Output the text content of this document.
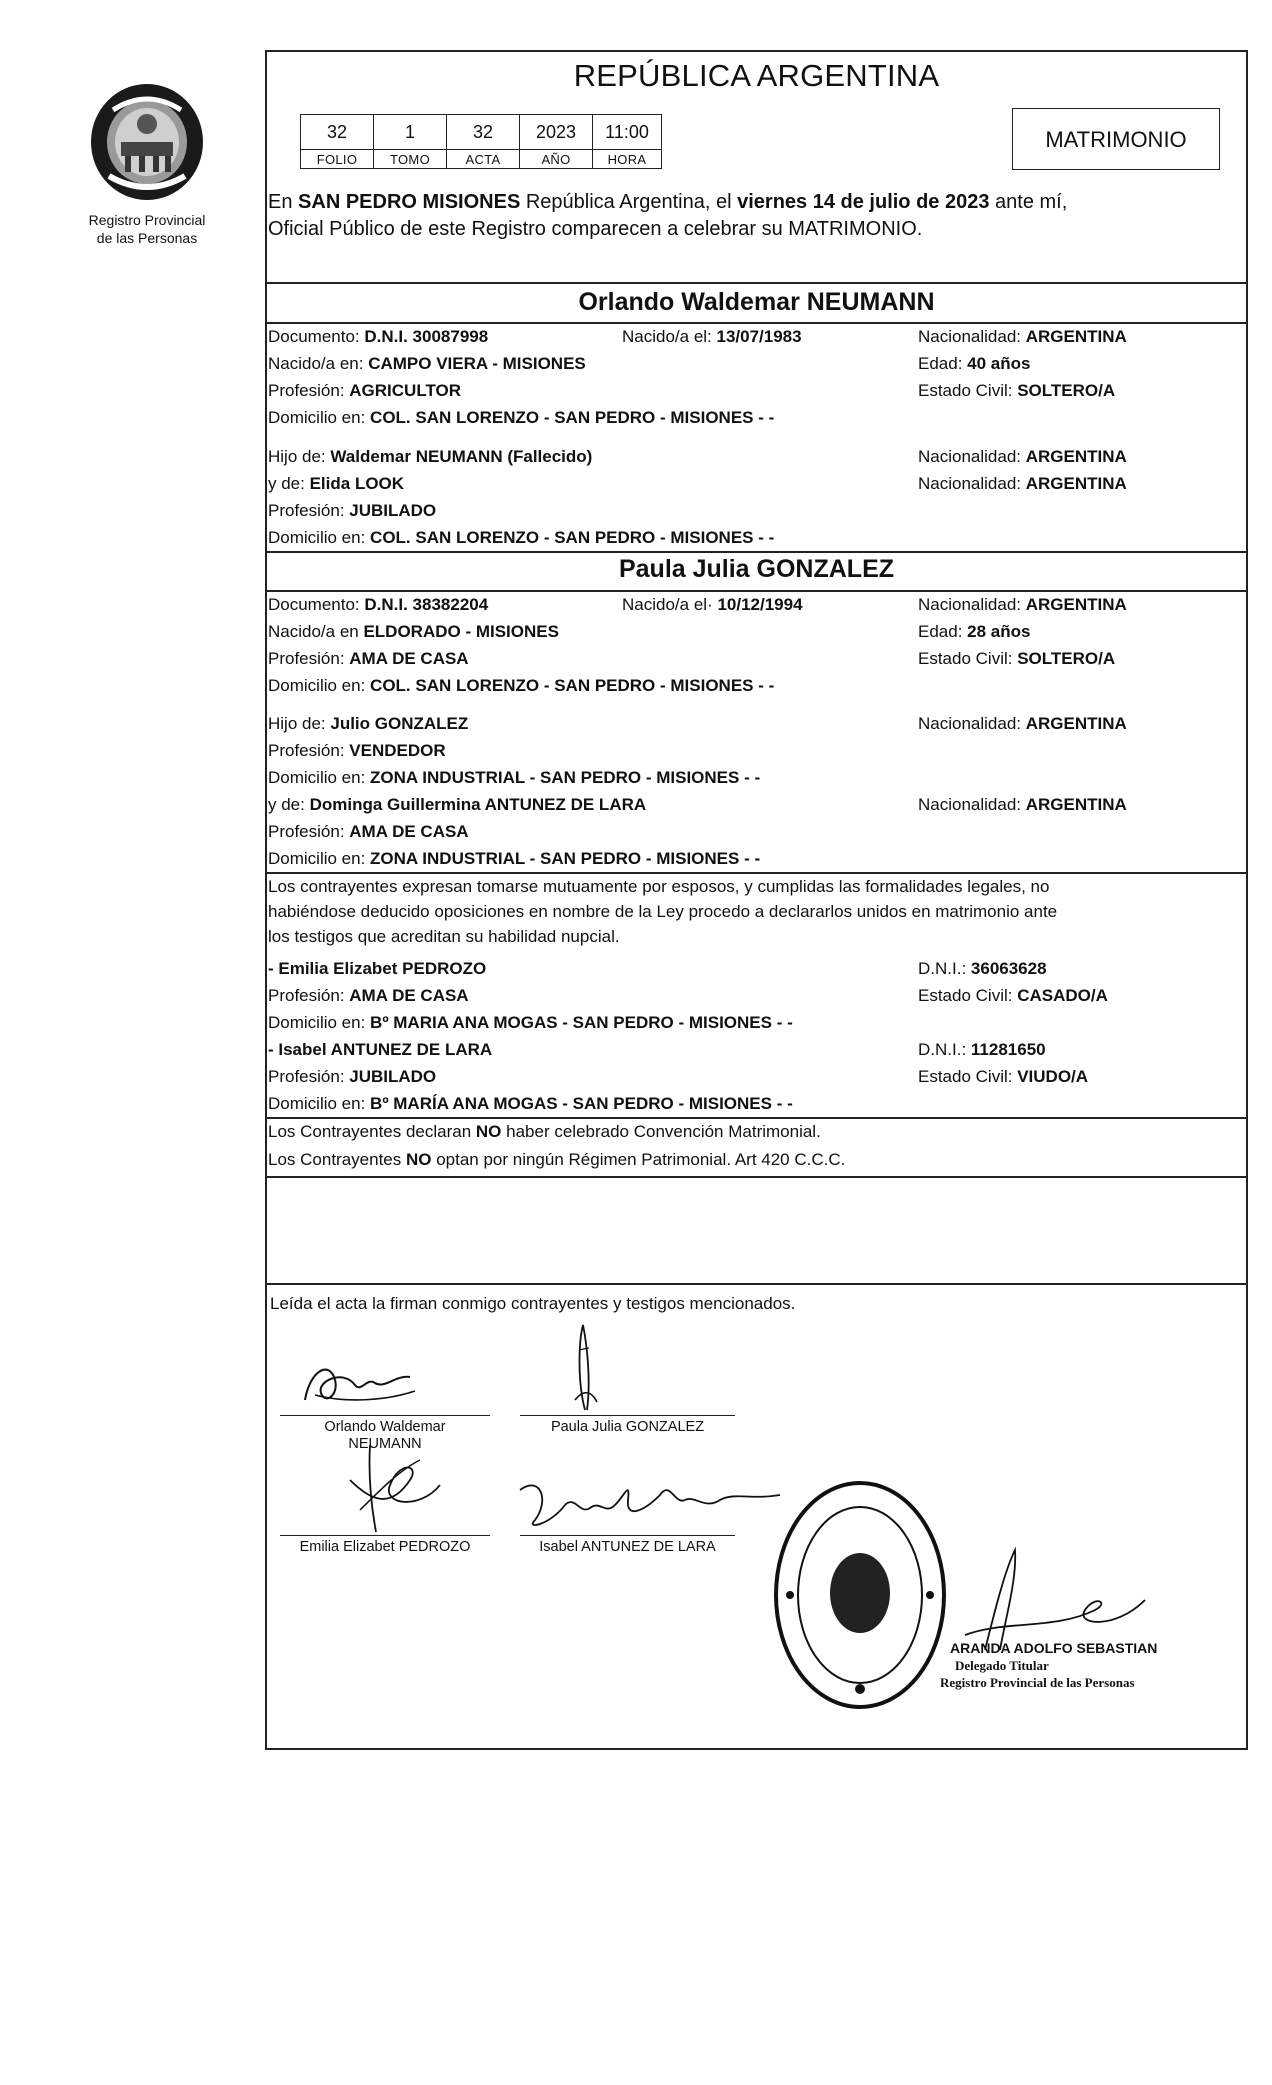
Registro Provincial
de las Personas
REPÚBLICA ARGENTINA
32	1	32	2023	11:00
FOLIO	TOMO	ACTA	AÑO	HORA
MATRIMONIO
En SAN PEDRO MISIONES República Argentina, el viernes 14 de julio de 2023 ante mí,
Oficial Público de este Registro comparecen a celebrar su MATRIMONIO.
Orlando Waldemar NEUMANN
Documento: D.N.I. 30087998	Nacido/a el: 13/07/1983	Nacionalidad: ARGENTINA
Nacido/a en: CAMPO VIERA - MISIONES	Edad: 40 años
Profesión: AGRICULTOR	Estado Civil: SOLTERO/A
Domicilio en: COL. SAN LORENZO - SAN PEDRO - MISIONES - -
Hijo de: Waldemar NEUMANN (Fallecido)	Nacionalidad: ARGENTINA
y de: Elida LOOK	Nacionalidad: ARGENTINA
Profesión: JUBILADO
Domicilio en: COL. SAN LORENZO - SAN PEDRO - MISIONES - -
Paula Julia GONZALEZ
Documento: D.N.I. 38382204	Nacido/a el· 10/12/1994	Nacionalidad: ARGENTINA
Nacido/a en ELDORADO - MISIONES	Edad: 28 años
Profesión: AMA DE CASA	Estado Civil: SOLTERO/A
Domicilio en: COL. SAN LORENZO - SAN PEDRO - MISIONES - -
Hijo de: Julio GONZALEZ	Nacionalidad: ARGENTINA
Profesión: VENDEDOR
Domicilio en: ZONA INDUSTRIAL - SAN PEDRO - MISIONES - -
y de: Dominga Guillermina ANTUNEZ DE LARA	Nacionalidad: ARGENTINA
Profesión: AMA DE CASA
Domicilio en: ZONA INDUSTRIAL - SAN PEDRO - MISIONES - -
Los contrayentes expresan tomarse mutuamente por esposos, y cumplidas las formalidades legales, no
habiéndose deducido oposiciones en nombre de la Ley procedo a declararlos unidos en matrimonio ante
los testigos que acreditan su habilidad nupcial.
- Emilia Elizabet PEDROZO	D.N.I.: 36063628
Profesión: AMA DE CASA	Estado Civil: CASADO/A
Domicilio en: Bº MARIA ANA MOGAS - SAN PEDRO - MISIONES - -
- Isabel ANTUNEZ DE LARA	D.N.I.: 11281650
Profesión: JUBILADO	Estado Civil: VIUDO/A
Domicilio en: Bº MARÍA ANA MOGAS - SAN PEDRO - MISIONES - -
Los Contrayentes declaran NO haber celebrado Convención Matrimonial.
Los Contrayentes NO optan por ningún Régimen Patrimonial. Art 420 C.C.C.
Leída el acta la firman conmigo contrayentes y testigos mencionados.
Orlando Waldemar
NEUMANN
Paula Julia GONZALEZ
Emilia Elizabet PEDROZO	Isabel ANTUNEZ DE LARA
ARANDA ADOLFO SEBASTIAN
Delegado Titular
Registro Provincial de las Personas
